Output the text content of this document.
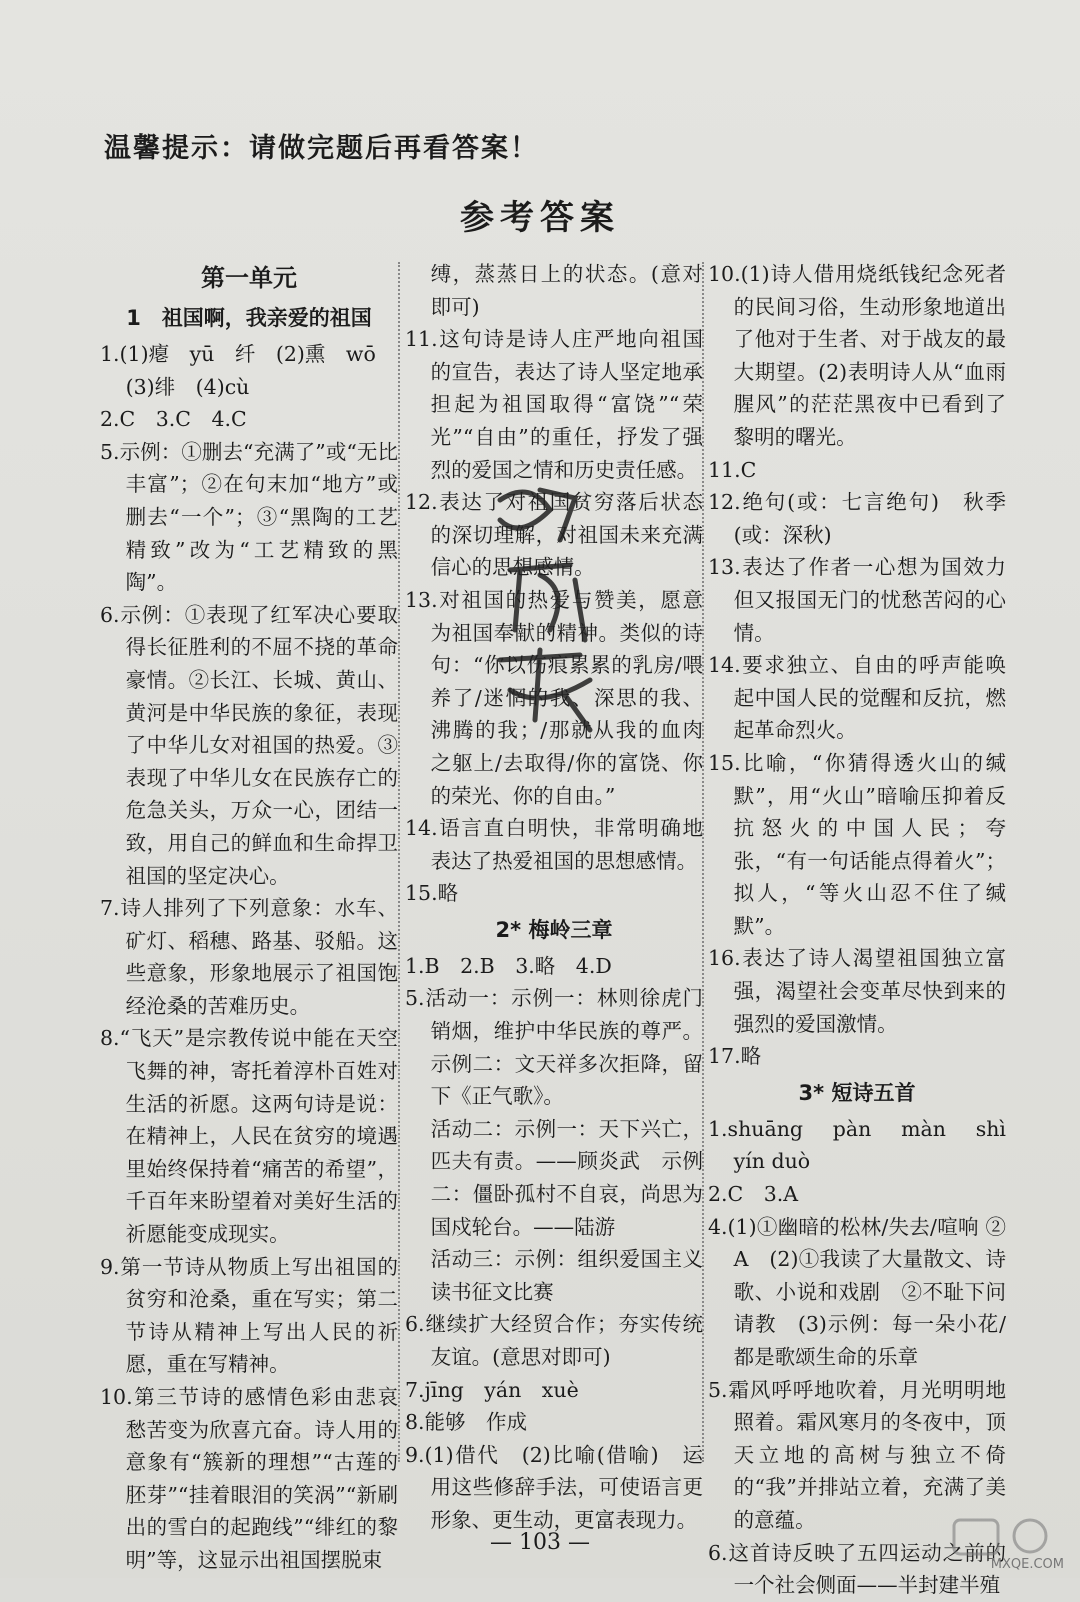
温馨提示：请做完题后再看答案！
参考答案
第一单元
1　祖国啊，我亲爱的祖国
1.(1)瘪　yū　纤　(2)熏　wō
(3)绯　(4)cù
2.C　3.C　4.C
5.示例：①删去“充满了”或“无比丰富”；②在句末加“地方”或删去“一个”；③“黑陶的工艺精致”改为“工艺精致的黑陶”。
6.示例：①表现了红军决心要取得长征胜利的不屈不挠的革命豪情。②长江、长城、黄山、黄河是中华民族的象征，表现了中华儿女对祖国的热爱。③表现了中华儿女在民族存亡的危急关头，万众一心，团结一致，用自己的鲜血和生命捍卫祖国的坚定决心。
7.诗人排列了下列意象：水车、矿灯、稻穗、路基、驳船。这些意象，形象地展示了祖国饱经沧桑的苦难历史。
8.“飞天”是宗教传说中能在天空飞舞的神，寄托着淳朴百姓对生活的祈愿。这两句诗是说：在精神上，人民在贫穷的境遇里始终保持着“痛苦的希望”，千百年来盼望着对美好生活的祈愿能变成现实。
9.第一节诗从物质上写出祖国的贫穷和沧桑，重在写实；第二节诗从精神上写出人民的祈愿，重在写精神。
10.第三节诗的感情色彩由悲哀愁苦变为欣喜亢奋。诗人用的意象有“簇新的理想”“古莲的胚芽”“挂着眼泪的笑涡”“新刷出的雪白的起跑线”“绯红的黎明”等，这显示出祖国摆脱束
缚，蒸蒸日上的状态。(意对即可)
11.这句诗是诗人庄严地向祖国的宣告，表达了诗人坚定地承担起为祖国取得“富饶”“荣光”“自由”的重任，抒发了强烈的爱国之情和历史责任感。
12.表达了对祖国贫穷落后状态的深切理解，对祖国未来充满信心的思想感情。
13.对祖国的热爱与赞美，愿意为祖国奉献的精神。类似的诗句：“你以伤痕累累的乳房/喂养了/迷惘的我、深思的我、沸腾的我；/那就从我的血肉之躯上/去取得/你的富饶、你的荣光、你的自由。”
14.语言直白明快，非常明确地表达了热爱祖国的思想感情。
15.略
2* 梅岭三章
1.B　2.B　3.略　4.D
5.活动一：示例一：林则徐虎门销烟，维护中华民族的尊严。示例二：文天祥多次拒降，留下《正气歌》。
活动二：示例一：天下兴亡，匹夫有责。——顾炎武　示例二：僵卧孤村不自哀，尚思为国戍轮台。——陆游
活动三：示例：组织爱国主义读书征文比赛
6.继续扩大经贸合作；夯实传统友谊。(意思对即可)
7.jīng　yán　xuè
8.能够　作成
9.(1)借代　(2)比喻(借喻)　运用这些修辞手法，可使语言更形象、更生动，更富表现力。
10.(1)诗人借用烧纸钱纪念死者的民间习俗，生动形象地道出了他对于生者、对于战友的最大期望。(2)表明诗人从“血雨腥风”的茫茫黑夜中已看到了黎明的曙光。
11.C
12.绝句(或：七言绝句)　秋季(或：深秋)
13.表达了作者一心想为国效力但又报国无门的忧愁苦闷的心情。
14.要求独立、自由的呼声能唤起中国人民的觉醒和反抗，燃起革命烈火。
15.比喻，“你猜得透火山的缄默”，用“火山”暗喻压抑着反抗怒火的中国人民；夸张，“有一句话能点得着火”；拟人，“等火山忍不住了缄默”。
16.表达了诗人渴望祖国独立富强，渴望社会变革尽快到来的强烈的爱国激情。
17.略
3* 短诗五首
1.shuāng　pàn　màn　shì　yín duò
2.C　3.A
4.(1)①幽暗的松林/失去/喧响 ②A　(2)①我读了大量散文、诗歌、小说和戏剧　②不耻下问　请教　(3)示例：每一朵小花/都是歌颂生命的乐章
5.霜风呼呼地吹着，月光明明地照着。霜风寒月的冬夜中，顶天立地的高树与独立不倚的“我”并排站立着，充满了美的意蕴。
6.这首诗反映了五四运动之前的一个社会侧面——半封建半殖
— 103 —
MXQE.COM
